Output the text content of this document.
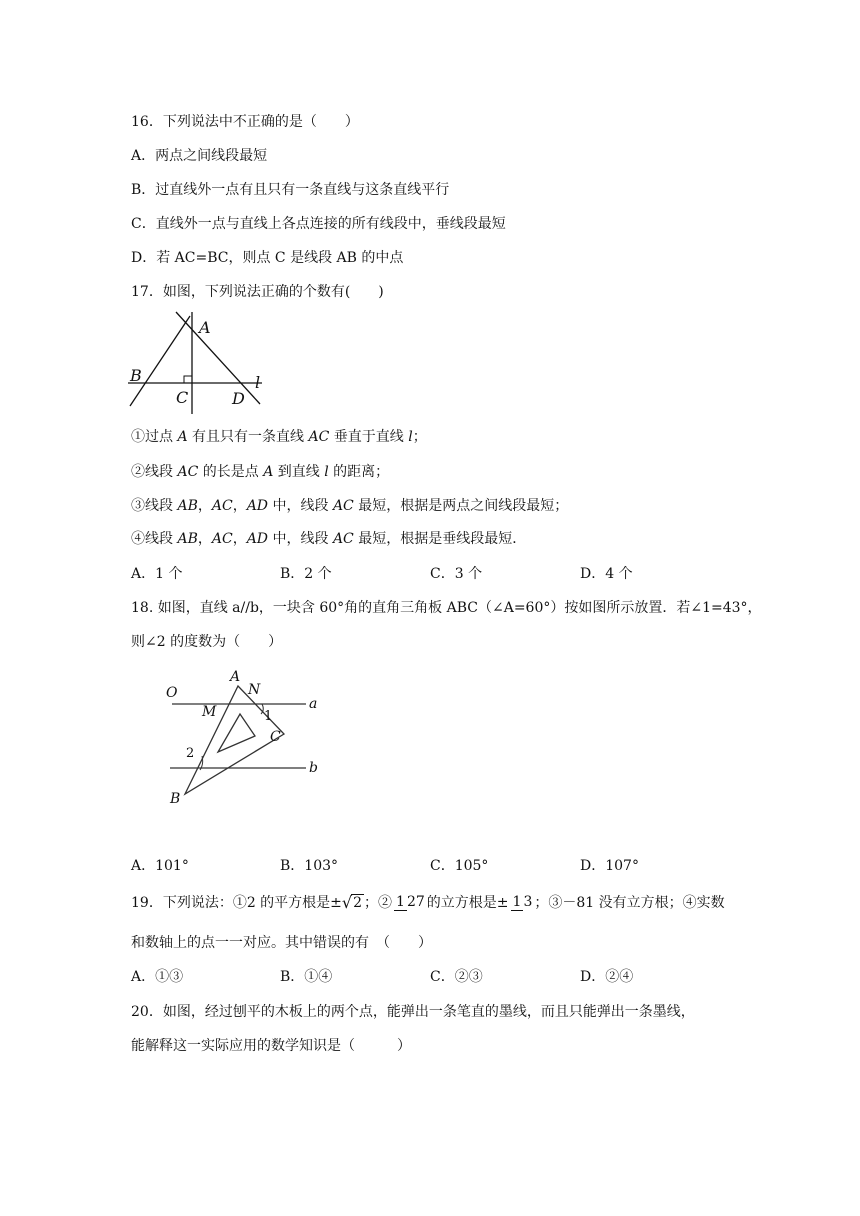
16．下列说法中不正确的是（　　）
A．两点之间线段最短
B．过直线外一点有且只有一条直线与这条直线平行
C．直线外一点与直线上各点连接的所有线段中，垂线段最短
D．若 AC=BC，则点 C 是线段 AB 的中点
17．如图，下列说法正确的个数有(　　)
A
B
C	D
l
①过点 A 有且只有一条直线 AC 垂直于直线 l；
②线段 AC 的长是点 A 到直线 l 的距离；
③线段 AB，AC，AD 中，线段 AC 最短，根据是两点之间线段最短；
④线段 AB，AC，AD 中，线段 AC 最短，根据是垂线段最短．
A．1 个	B．2 个	C．3 个	D．4 个
18. 如图，直线 a//b，一块含 60°角的直角三角板 ABC（∠A=60°）按如图所示放置．若∠1=43°，
则∠2 的度数为（　　）
O
A
N
M	1
C
a
2
b
B
A．101°	B．103°	C．105°	D．107°
19．下列说法：①2 的平方根是± √ 2 ；② 1 27 的立方根是± 1 3 ；③－81 没有立方根；④实数
和数轴上的点一一对应。其中错误的有　（　　）
A．①③	B．①④	C．②③	D．②④
20．如图，经过刨平的木板上的两个点，能弹出一条笔直的墨线，而且只能弹出一条墨线，
能解释这一实际应用的数学知识是（　　　）
